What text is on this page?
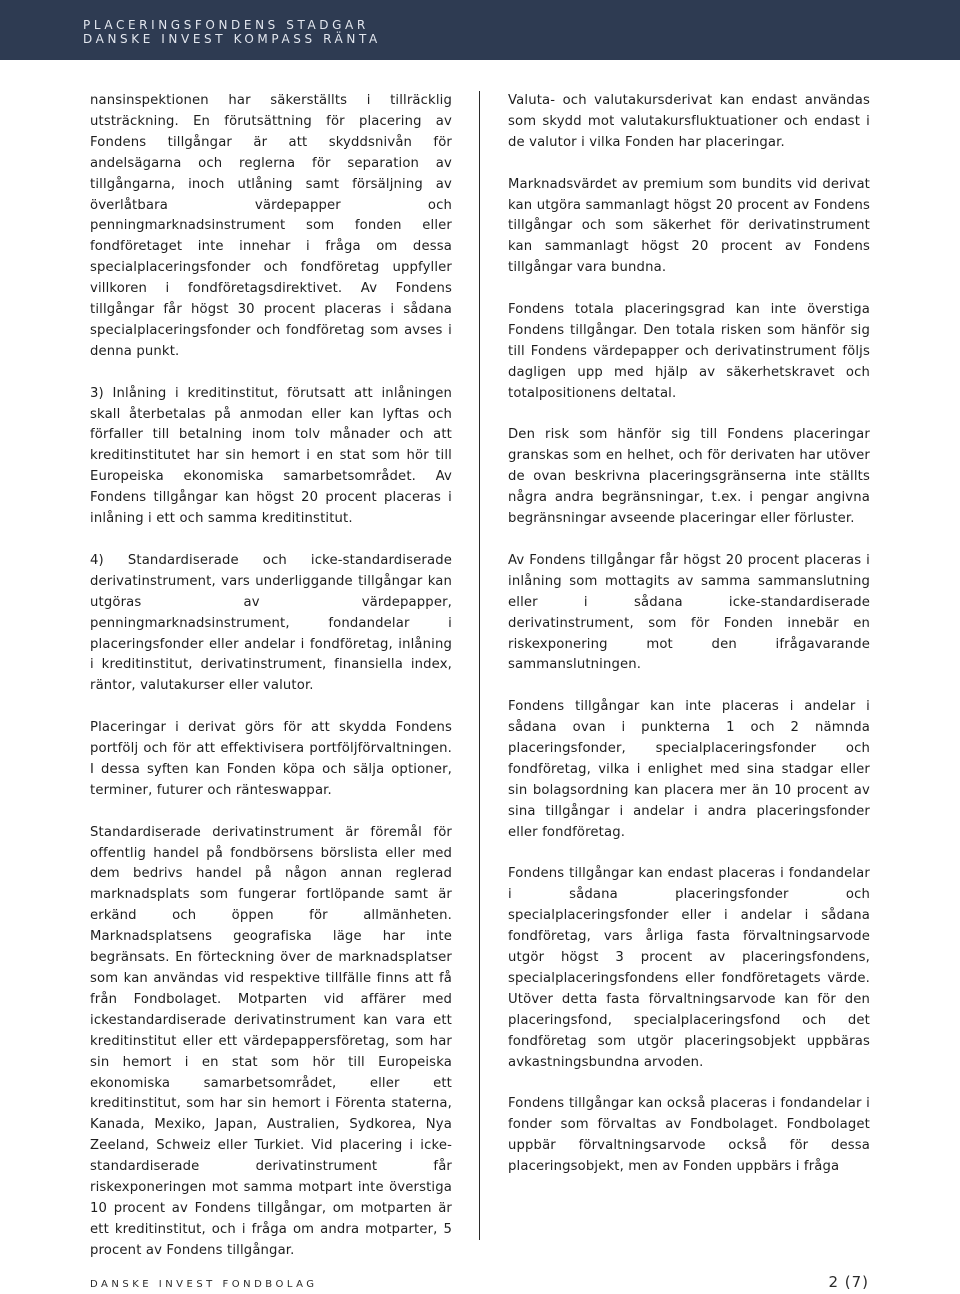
PLACERINGSFONDENS STADGAR

DANSKE INVEST KOMPASS RÄNTA

nansinspektionen har säkerställts i tillräcklig utsträckning. En förutsättning för placering av Fondens tillgångar är att skyddsnivån för andelsägarna och reglerna för separation av tillgångarna, inoch utlåning samt försäljning av överlåtbara värdepapper och penningmarknadsinstrument som fonden eller fondföretaget inte innehar i fråga om dessa specialplaceringsfonder och fondföretag uppfyller villkoren i fondföretagsdirektivet. Av Fondens tillgångar får högst 30 procent placeras i sådana specialplaceringsfonder och fondföretag som avses i denna punkt.

3) Inlåning i kreditinstitut, förutsatt att inlåningen skall återbetalas på anmodan eller kan lyftas och förfaller till betalning inom tolv månader och att kreditinstitutet har sin hemort i en stat som hör till Europeiska ekonomiska samarbetsområdet. Av Fondens tillgångar kan högst 20 procent placeras i inlåning i ett och samma kreditinstitut.

4) Standardiserade och icke-standardiserade derivatinstrument, vars underliggande tillgångar kan utgöras av värdepapper, penningmarknadsinstrument, fondandelar i placeringsfonder eller andelar i fondföretag, inlåning i kreditinstitut, derivatinstrument, finansiella index, räntor, valutakurser eller valutor.

Placeringar i derivat görs för att skydda Fondens portfölj och för att effektivisera portföljförvaltningen. I dessa syften kan Fonden köpa och sälja optioner, terminer, futurer och ränteswappar.

Standardiserade derivatinstrument är föremål för offentlig handel på fondbörsens börslista eller med dem bedrivs handel på någon annan reglerad marknadsplats som fungerar fortlöpande samt är erkänd och öppen för allmänheten. Marknadsplatsens geografiska läge har inte begränsats. En förteckning över de marknadsplatser som kan användas vid respektive tillfälle finns att få från Fondbolaget. Motparten vid affärer med ickestandardiserade derivatinstrument kan vara ett kreditinstitut eller ett värdepappersföretag, som har sin hemort i en stat som hör till Europeiska ekonomiska samarbetsområdet, eller ett kreditinstitut, som har sin hemort i Förenta staterna, Kanada, Mexiko, Japan, Australien, Sydkorea, Nya Zeeland, Schweiz eller Turkiet. Vid placering i icke-standardiserade derivatinstrument får riskexponeringen mot samma motpart inte överstiga 10 procent av Fondens tillgångar, om motparten är ett kreditinstitut, och i fråga om andra motparter, 5 procent av Fondens tillgångar.

Valuta- och valutakursderivat kan endast användas som skydd mot valutakursfluktuationer och endast i de valutor i vilka Fonden har placeringar.

Marknadsvärdet av premium som bundits vid derivat kan utgöra sammanlagt högst 20 procent av Fondens tillgångar och som säkerhet för derivatinstrument kan sammanlagt högst 20 procent av Fondens tillgångar vara bundna.

Fondens totala placeringsgrad kan inte överstiga Fondens tillgångar. Den totala risken som hänför sig till Fondens värdepapper och derivatinstrument följs dagligen upp med hjälp av säkerhetskravet och totalpositionens deltatal.

Den risk som hänför sig till Fondens placeringar granskas som en helhet, och för derivaten har utöver de ovan beskrivna placeringsgränserna inte ställts några andra begränsningar, t.ex. i pengar angivna begränsningar avseende placeringar eller förluster.

Av Fondens tillgångar får högst 20 procent placeras i inlåning som mottagits av samma sammanslutning eller i sådana icke-standardiserade derivatinstrument, som för Fonden innebär en riskexponering mot den ifrågavarande sammanslutningen.

Fondens tillgångar kan inte placeras i andelar i sådana ovan i punkterna 1 och 2 nämnda placeringsfonder, specialplaceringsfonder och fondföretag, vilka i enlighet med sina stadgar eller sin bolagsordning kan placera mer än 10 procent av sina tillgångar i andelar i andra placeringsfonder eller fondföretag.

Fondens tillgångar kan endast placeras i fondandelar i sådana placeringsfonder och specialplaceringsfonder eller i andelar i sådana fondföretag, vars årliga fasta förvaltningsarvode utgör högst 3 procent av placeringsfondens, specialplaceringsfondens eller fondföretagets värde. Utöver detta fasta förvaltningsarvode kan för den placeringsfond, specialplaceringsfond och det fondföretag som utgör placeringsobjekt uppbäras avkastningsbundna arvoden.

Fondens tillgångar kan också placeras i fondandelar i fonder som förvaltas av Fondbolaget. Fondbolaget uppbär förvaltningsarvode också för dessa placeringsobjekt, men av Fonden uppbärs i fråga

DANSKE INVEST FONDBOLAG	2 (7)
